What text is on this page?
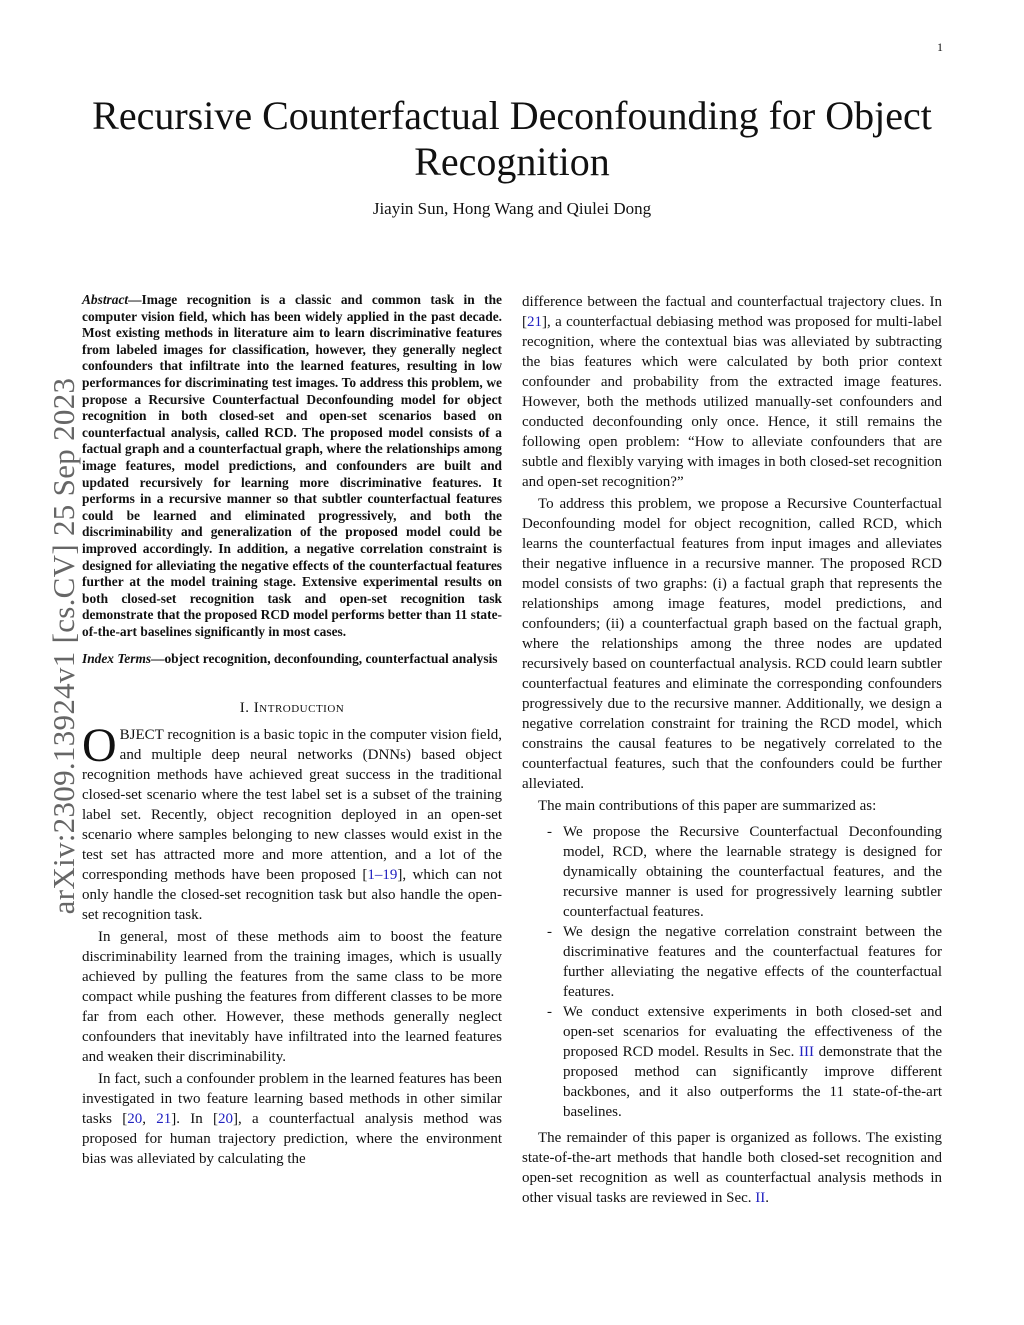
1
arXiv:2309.13924v1 [cs.CV] 25 Sep 2023
Recursive Counterfactual Deconfounding for Object Recognition
Jiayin Sun, Hong Wang and Qiulei Dong

Abstract—Image recognition is a classic and common task in the computer vision field, which has been widely applied in the past decade. Most existing methods in literature aim to learn discriminative features from labeled images for classification, however, they generally neglect confounders that infiltrate into the learned features, resulting in low performances for discriminating test images. To address this problem, we propose a Recursive Counterfactual Deconfounding model for object recognition in both closed-set and open-set scenarios based on counterfactual analysis, called RCD. The proposed model consists of a factual graph and a counterfactual graph, where the relationships among image features, model predictions, and confounders are built and updated recursively for learning more discriminative features. It performs in a recursive manner so that subtler counterfactual features could be learned and eliminated progressively, and both the discriminability and generalization of the proposed model could be improved accordingly. In addition, a negative correlation constraint is designed for alleviating the negative effects of the counterfactual features further at the model training stage. Extensive experimental results on both closed-set recognition task and open-set recognition task demonstrate that the proposed RCD model performs better than 11 state-of-the-art baselines significantly in most cases.

Index Terms—object recognition, deconfounding, counterfactual analysis

I. Introduction

OBJECT recognition is a basic topic in the computer vision field, and multiple deep neural networks (DNNs) based object recognition methods have achieved great success in the traditional closed-set scenario where the test label set is a subset of the training label set. Recently, object recognition deployed in an open-set scenario where samples belonging to new classes would exist in the test set has attracted more and more attention, and a lot of the corresponding methods have been proposed [1–19], which can not only handle the closed-set recognition task but also handle the open-set recognition task.

In general, most of these methods aim to boost the feature discriminability learned from the training images, which is usually achieved by pulling the features from the same class to be more compact while pushing the features from different classes to be more far from each other. However, these methods generally neglect confounders that inevitably have infiltrated into the learned features and weaken their discriminability.

In fact, such a confounder problem in the learned features has been investigated in two feature learning based methods in other similar tasks [20, 21]. In [20], a counterfactual analysis method was proposed for human trajectory prediction, where the environment bias was alleviated by calculating the

difference between the factual and counterfactual trajectory clues. In [21], a counterfactual debiasing method was proposed for multi-label recognition, where the contextual bias was alleviated by subtracting the bias features which were calculated by both prior context confounder and probability from the extracted image features. However, both the methods utilized manually-set confounders and conducted deconfounding only once. Hence, it still remains the following open problem: “How to alleviate confounders that are subtle and flexibly varying with images in both closed-set recognition and open-set recognition?”

To address this problem, we propose a Recursive Counterfactual Deconfounding model for object recognition, called RCD, which learns the counterfactual features from input images and alleviates their negative influence in a recursive manner. The proposed RCD model consists of two graphs: (i) a factual graph that represents the relationships among image features, model predictions, and confounders; (ii) a counterfactual graph based on the factual graph, where the relationships among the three nodes are updated recursively based on counterfactual analysis. RCD could learn subtler counterfactual features and eliminate the corresponding confounders progressively due to the recursive manner. Additionally, we design a negative correlation constraint for training the RCD model, which constrains the causal features to be negatively correlated to the counterfactual features, such that the confounders could be further alleviated.

The main contributions of this paper are summarized as:

- We propose the Recursive Counterfactual Deconfounding model, RCD, where the learnable strategy is designed for dynamically obtaining the counterfactual features, and the recursive manner is used for progressively learning subtler counterfactual features.
- We design the negative correlation constraint between the discriminative features and the counterfactual features for further alleviating the negative effects of the counterfactual features.
- We conduct extensive experiments in both closed-set and open-set scenarios for evaluating the effectiveness of the proposed RCD model. Results in Sec. III demonstrate that the proposed method can significantly improve different backbones, and it also outperforms the 11 state-of-the-art baselines.

The remainder of this paper is organized as follows. The existing state-of-the-art methods that handle both closed-set recognition and open-set recognition as well as counterfactual analysis methods in other visual tasks are reviewed in Sec. II.
